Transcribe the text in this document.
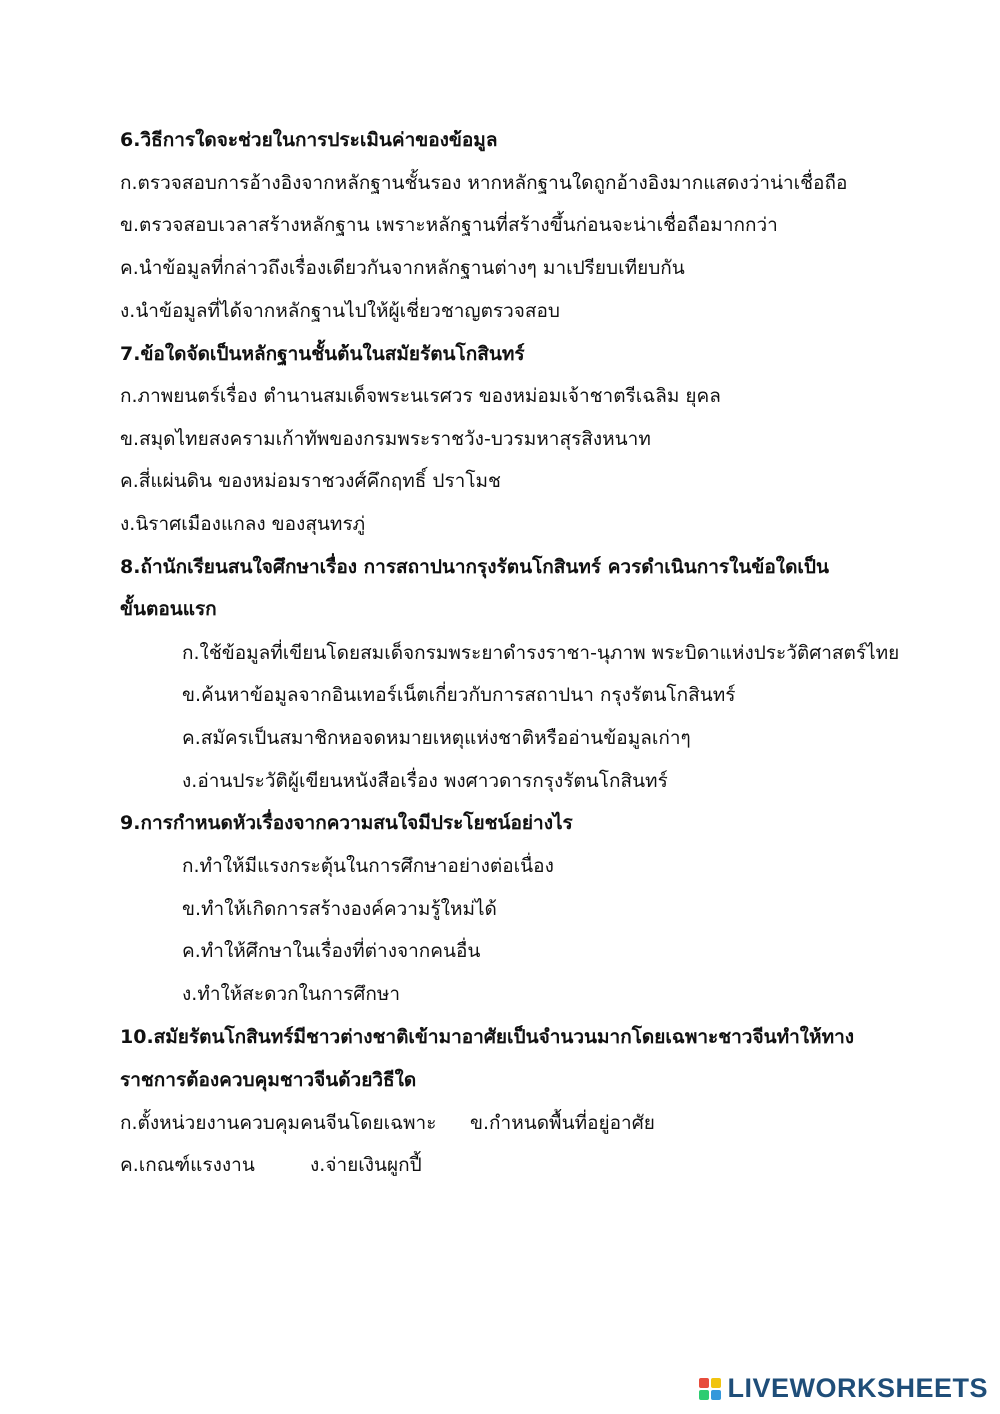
6.วิธีการใดจะช่วยในการประเมินค่าของข้อมูล
ก.ตรวจสอบการอ้างอิงจากหลักฐานชั้นรอง หากหลักฐานใดถูกอ้างอิงมากแสดงว่าน่าเชื่อถือ
ข.ตรวจสอบเวลาสร้างหลักฐาน เพราะหลักฐานที่สร้างขึ้นก่อนจะน่าเชื่อถือมากกว่า
ค.นำข้อมูลที่กล่าวถึงเรื่องเดียวกันจากหลักฐานต่างๆ มาเปรียบเทียบกัน
ง.นำข้อมูลที่ได้จากหลักฐานไปให้ผู้เชี่ยวชาญตรวจสอบ
7.ข้อใดจัดเป็นหลักฐานชั้นต้นในสมัยรัตนโกสินทร์
ก.ภาพยนตร์เรื่อง ตำนานสมเด็จพระนเรศวร ของหม่อมเจ้าชาตรีเฉลิม ยุคล
ข.สมุดไทยสงครามเก้าทัพของกรมพระราชวัง-บวรมหาสุรสิงหนาท
ค.สี่แผ่นดิน ของหม่อมราชวงศ์คึกฤทธิ์ ปราโมช
ง.นิราศเมืองแกลง ของสุนทรภู่
8.ถ้านักเรียนสนใจศึกษาเรื่อง การสถาปนากรุงรัตนโกสินทร์ ควรดำเนินการในข้อใดเป็น
ขั้นตอนแรก
ก.ใช้ข้อมูลที่เขียนโดยสมเด็จกรมพระยาดำรงราชา-นุภาพ พระบิดาแห่งประวัติศาสตร์ไทย
ข.ค้นหาข้อมูลจากอินเทอร์เน็ตเกี่ยวกับการสถาปนา กรุงรัตนโกสินทร์
ค.สมัครเป็นสมาชิกหอจดหมายเหตุแห่งชาติหรืออ่านข้อมูลเก่าๆ
ง.อ่านประวัติผู้เขียนหนังสือเรื่อง พงศาวดารกรุงรัตนโกสินทร์
9.การกำหนดหัวเรื่องจากความสนใจมีประโยชน์อย่างไร
ก.ทำให้มีแรงกระตุ้นในการศึกษาอย่างต่อเนื่อง
ข.ทำให้เกิดการสร้างองค์ความรู้ใหม่ได้
ค.ทำให้ศึกษาในเรื่องที่ต่างจากคนอื่น
ง.ทำให้สะดวกในการศึกษา
10.สมัยรัตนโกสินทร์มีชาวต่างชาติเข้ามาอาศัยเป็นจำนวนมากโดยเฉพาะชาวจีนทำให้ทาง
ราชการต้องควบคุมชาวจีนด้วยวิธีใด
ก.ตั้งหน่วยงานควบคุมคนจีนโดยเฉพาะ ข.กำหนดพื้นที่อยู่อาศัย
ค.เกณฑ์แรงงาน	ง.จ่ายเงินผูกปี้
LIVEWORKSHEETS
